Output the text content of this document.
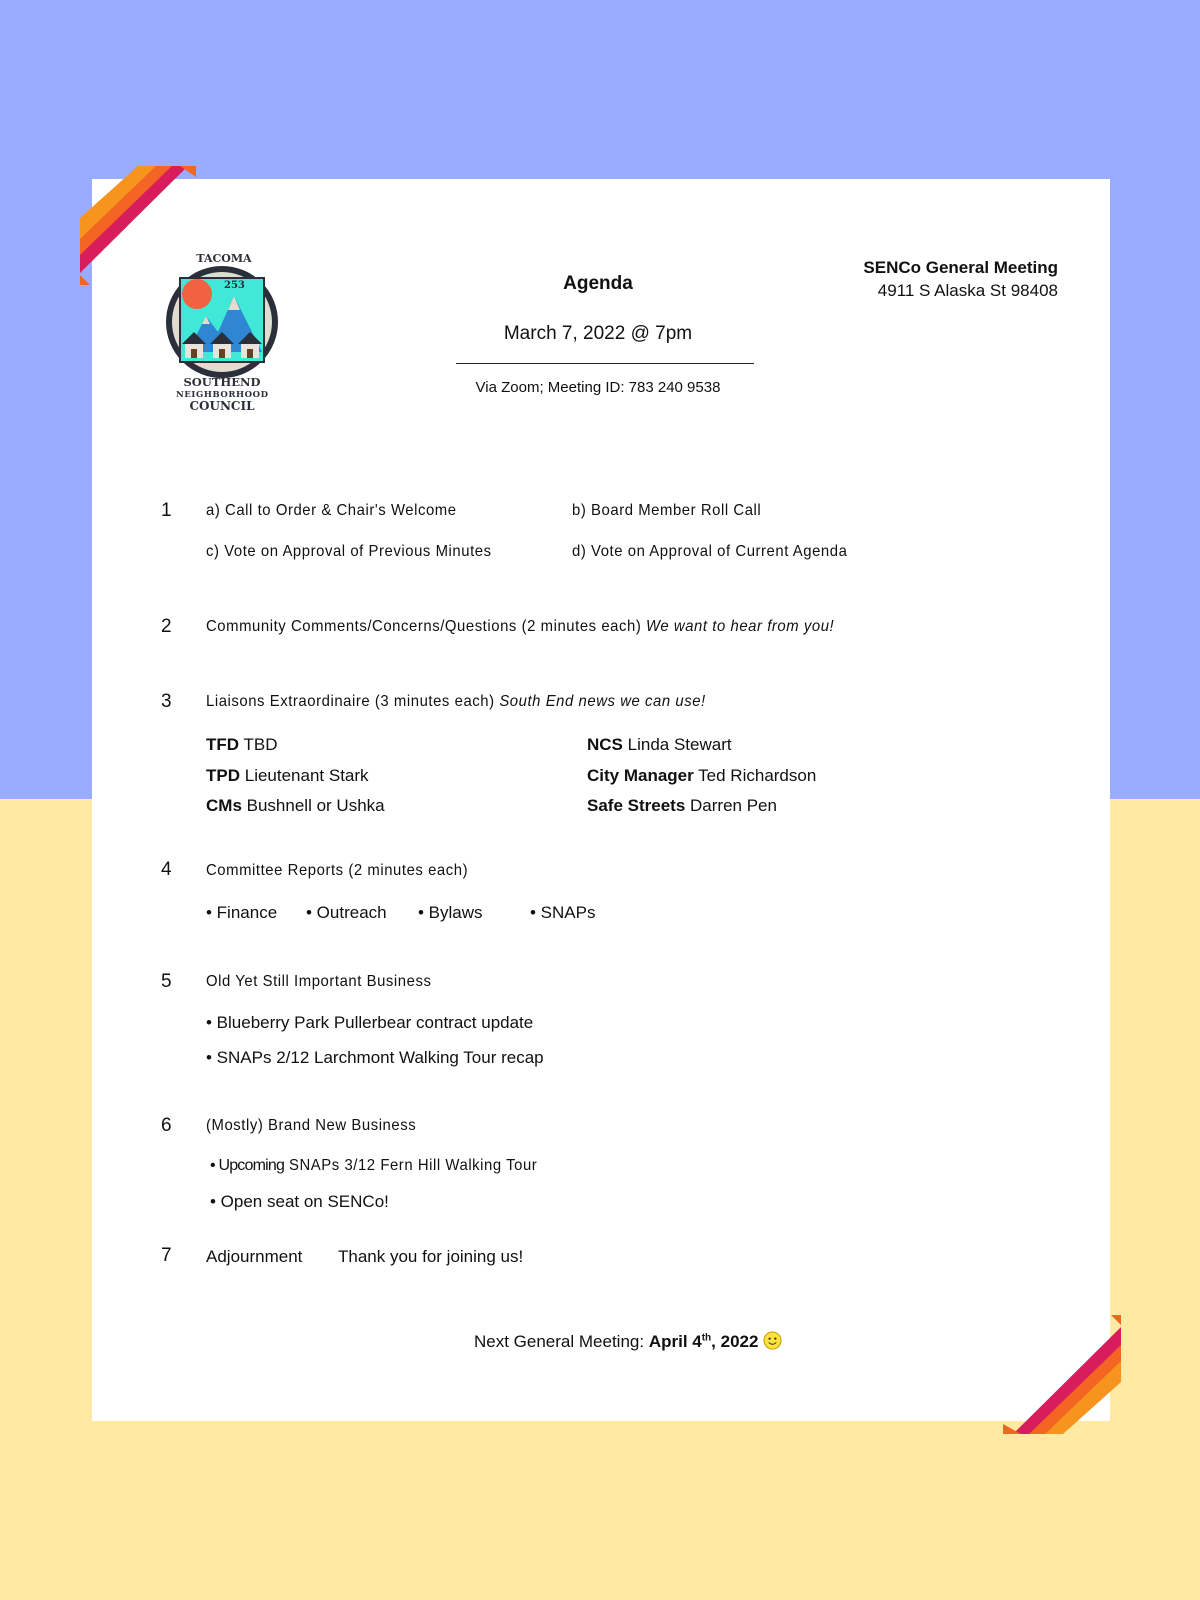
TACOMA
253
SOUTHEND
NEIGHBORHOOD
COUNCIL
Agenda
March 7, 2022 @ 7pm
Via Zoom; Meeting ID: 783 240 9538
SENCo General Meeting
4911 S Alaska St 98408
1 a) Call to Order & Chair's Welcome	b) Board Member Roll Call
c) Vote on Approval of Previous Minutes	d) Vote on Approval of Current Agenda
2 Community Comments/Concerns/Questions (2 minutes each) We want to hear from you!
3 Liaisons Extraordinaire (3 minutes each) South End news we can use!
TFD TBD	NCS Linda Stewart
TPD Lieutenant Stark	City Manager Ted Richardson
CMs Bushnell or Ushka	Safe Streets Darren Pen
4 Committee Reports (2 minutes each)
• Finance • Outreach • Bylaws	• SNAPs
5 Old Yet Still Important Business
• Blueberry Park Pullerbear contract update
• SNAPs 2/12 Larchmont Walking Tour recap
6 (Mostly) Brand New Business
• Upcoming SNAPs 3/12 Fern Hill Walking Tour
• Open seat on SENCo!
7 Adjournment Thank you for joining us!
Next General Meeting: April 4th, 2022
